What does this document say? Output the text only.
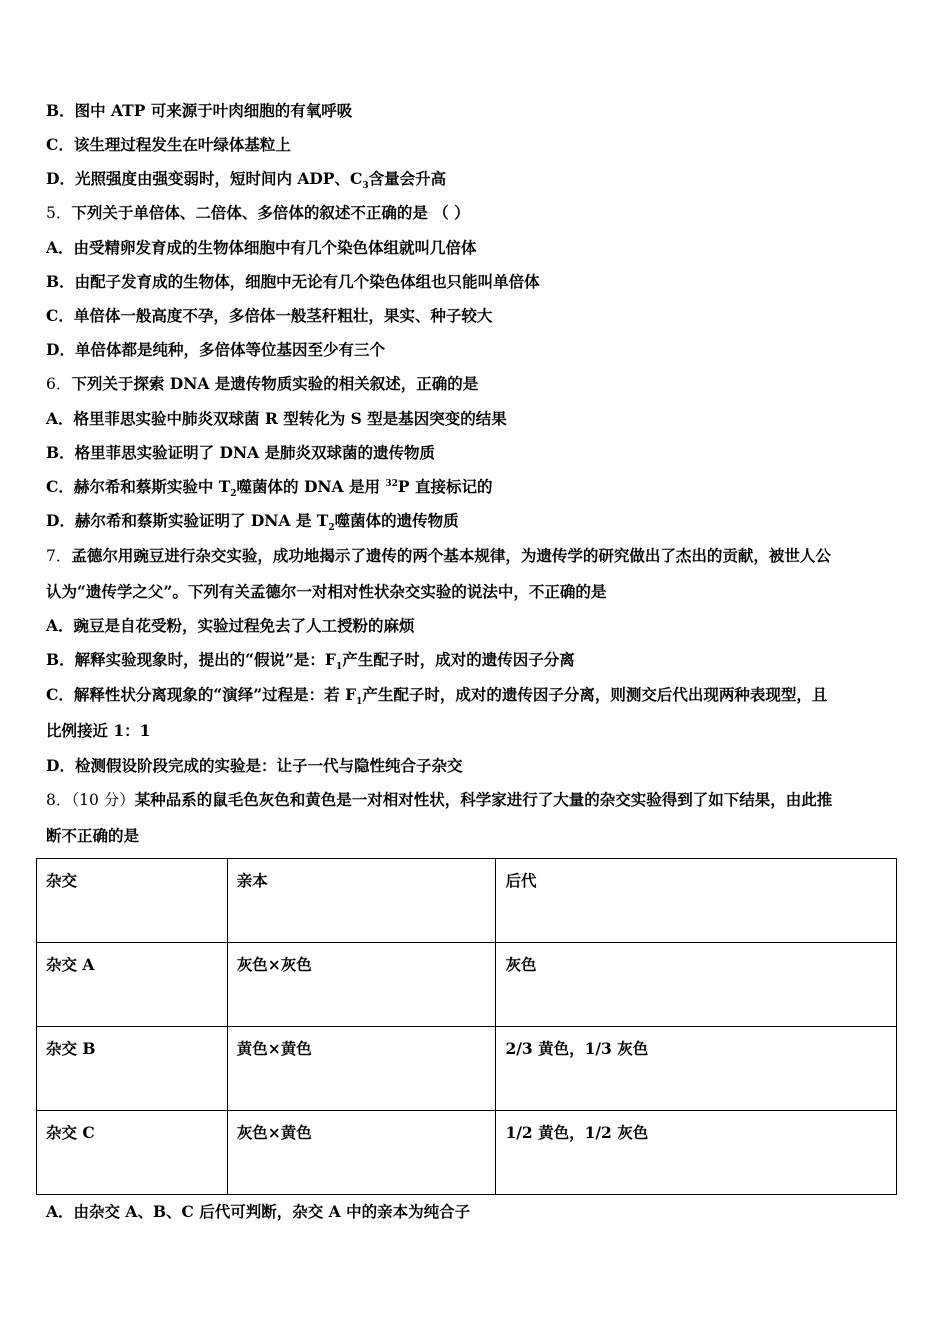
B．图中 ATP 可来源于叶肉细胞的有氧呼吸
C．该生理过程发生在叶绿体基粒上
D．光照强度由强变弱时，短时间内 ADP、$C_3$含量会升高
5．下列关于单倍体、二倍体、多倍体的叙述不正确的是 （ ）
A．由受精卵发育成的生物体细胞中有几个染色体组就叫几倍体
B．由配子发育成的生物体，细胞中无论有几个染色体组也只能叫单倍体
C．单倍体一般高度不孕，多倍体一般茎秆粗壮，果实、种子较大
D．单倍体都是纯种，多倍体等位基因至少有三个
6．下列关于探索 DNA 是遗传物质实验的相关叙述，正确的是
A．格里菲思实验中肺炎双球菌 R 型转化为 S 型是基因突变的结果
B．格里菲思实验证明了 DNA 是肺炎双球菌的遗传物质
C．赫尔希和蔡斯实验中 $T_2$噬菌体的 DNA 是用 $^{32}$P 直接标记的
D．赫尔希和蔡斯实验证明了 DNA 是 $T_2$噬菌体的遗传物质
7．孟德尔用豌豆进行杂交实验，成功地揭示了遗传的两个基本规律，为遗传学的研究做出了杰出的贡献，被世人公
认为“遗传学之父”。下列有关孟德尔一对相对性状杂交实验的说法中，不正确的是
A．豌豆是自花受粉，实验过程免去了人工授粉的麻烦
B．解释实验现象时，提出的“假说”是：$F_1$产生配子时，成对的遗传因子分离
C．解释性状分离现象的“演绎”过程是：若 $F_1$产生配子时，成对的遗传因子分离，则测交后代出现两种表现型，且
比例接近 1：1
D．检测假设阶段完成的实验是：让子一代与隐性纯合子杂交
8．（10 分）某种品系的鼠毛色灰色和黄色是一对相对性状，科学家进行了大量的杂交实验得到了如下结果，由此推
断不正确的是
杂交	亲本	后代
杂交 A	灰色×灰色	灰色
杂交 B	黄色×黄色	2/3 黄色，1/3 灰色
杂交 C	灰色×黄色	1/2 黄色，1/2 灰色
A．由杂交 A、B、C 后代可判断，杂交 A 中的亲本为纯合子
